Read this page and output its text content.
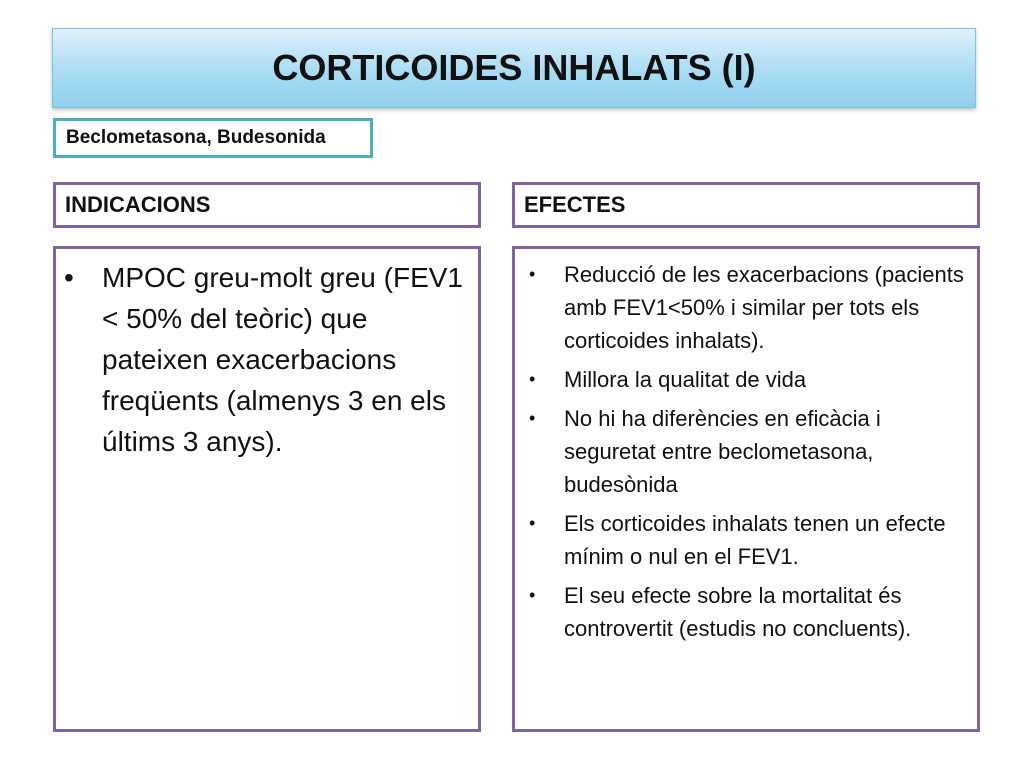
CORTICOIDES INHALATS (I)
Beclometasona, Budesonida
INDICACIONS	EFECTES
• MPOC greu-molt greu (FEV1 < 50% del teòric) que pateixen exacerbacions freqüents (almenys 3 en els últims 3 anys).
• Reducció de les exacerbacions (pacients amb FEV1<50% i similar per tots els corticoides inhalats).
• Millora la qualitat de vida
• No hi ha diferències en eficàcia i seguretat entre beclometasona, budesònida
• Els corticoides inhalats tenen un efecte mínim o nul en el FEV1.
• El seu efecte sobre la mortalitat és controvertit (estudis no concluents).
